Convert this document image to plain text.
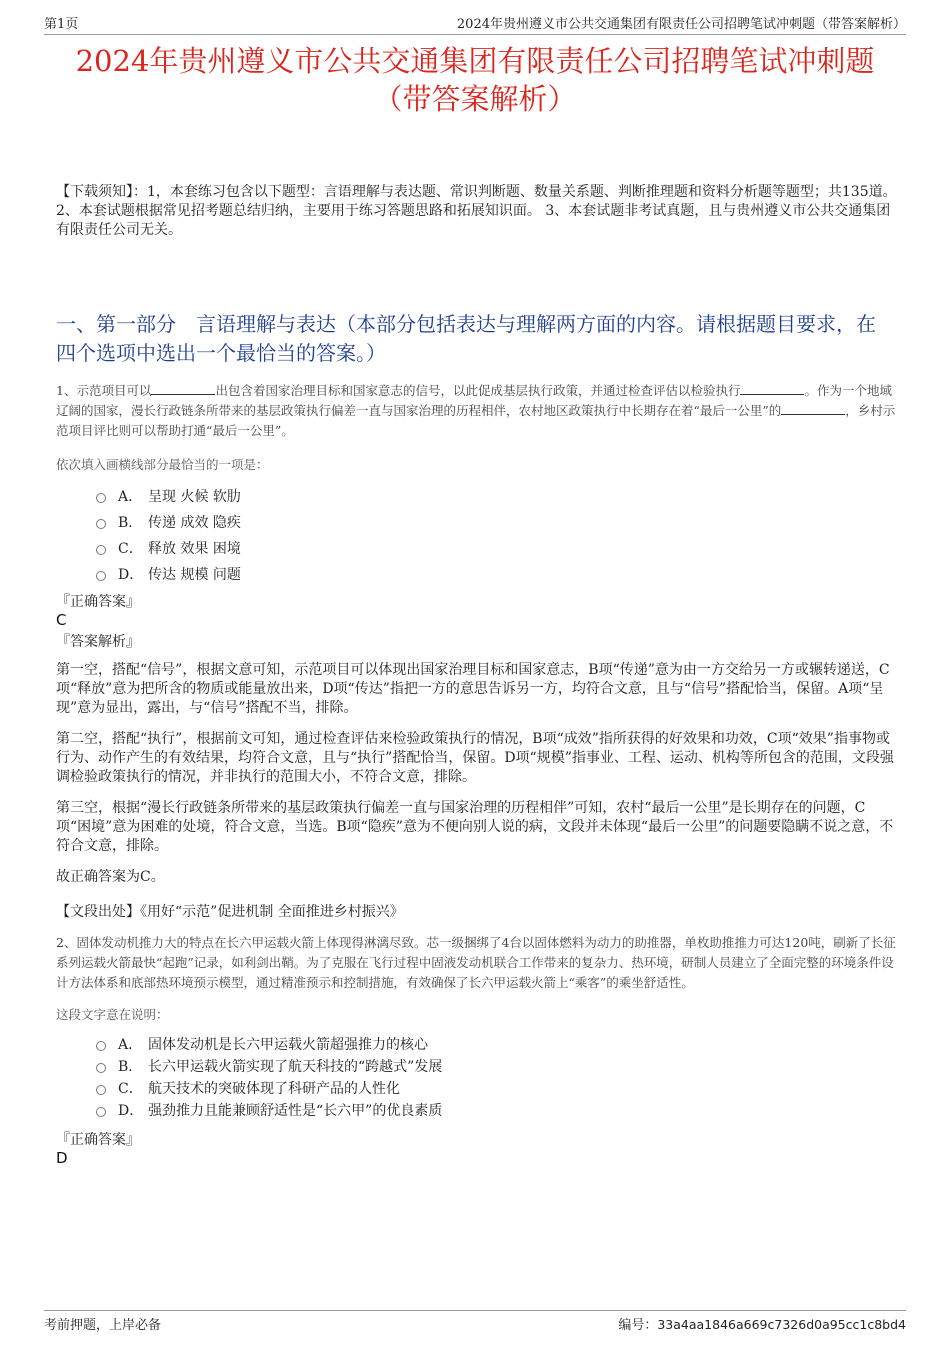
第1页	2024年贵州遵义市公共交通集团有限责任公司招聘笔试冲刺题（带答案解析）
2024年贵州遵义市公共交通集团有限责任公司招聘笔试冲刺题
（带答案解析）
【下载须知】：1，本套练习包含以下题型：言语理解与表达题、常识判断题、数量关系题、判断推理题和资料分析题等题型；共135道。 2、本套试题根据常见招考题总结归纳，主要用于练习答题思路和拓展知识面。 3、本套试题非考试真题，且与贵州遵义市公共交通集团有限责任公司无关。
一、第一部分　言语理解与表达（本部分包括表达与理解两方面的内容。请根据题目要求，在四个选项中选出一个最恰当的答案。）

1、示范项目可以	出包含着国家治理目标和国家意志的信号，以此促成基层执行政策，并通过检查评估以检验执行	。作为一个地域辽阔的国家，漫长行政链条所带来的基层政策执行偏差一直与国家治理的历程相伴，农村地区政策执行中长期存在着“最后一公里”的	，乡村示范项目评比则可以帮助打通“最后一公里”。

依次填入画横线部分最恰当的一项是：

A． 呈现 火候 软肋
B． 传递 成效 隐疾
C． 释放 效果 困境
D． 传达 规模 问题

『正确答案』

C

『答案解析』

第一空，搭配“信号”，根据文意可知，示范项目可以体现出国家治理目标和国家意志，B项“传递”意为由一方交给另一方或辗转递送，C项“释放”意为把所含的物质或能量放出来，D项“传达”指把一方的意思告诉另一方，均符合文意，且与“信号”搭配恰当，保留。A项“呈现”意为显出，露出，与“信号”搭配不当，排除。

第二空，搭配“执行”，根据前文可知，通过检查评估来检验政策执行的情况，B项“成效”指所获得的好效果和功效，C项“效果”指事物或行为、动作产生的有效结果，均符合文意，且与“执行”搭配恰当，保留。D项“规模”指事业、工程、运动、机构等所包含的范围，文段强调检验政策执行的情况，并非执行的范围大小，不符合文意，排除。

第三空，根据“漫长行政链条所带来的基层政策执行偏差一直与国家治理的历程相伴”可知，农村“最后一公里”是长期存在的问题，C项“困境”意为困难的处境，符合文意，当选。B项“隐疾”意为不便向别人说的病，文段并未体现“最后一公里”的问题要隐瞒不说之意，不符合文意，排除。

故正确答案为C。

【文段出处】《用好“示范”促进机制 全面推进乡村振兴》

2、固体发动机推力大的特点在长六甲运载火箭上体现得淋漓尽致。芯一级捆绑了4台以固体燃料为动力的助推器，单枚助推推力可达120吨，刷新了长征系列运载火箭最快“起跑”记录，如利剑出鞘。为了克服在飞行过程中固液发动机联合工作带来的复杂力、热环境，研制人员建立了全面完整的环境条件设计方法体系和底部热环境预示模型，通过精准预示和控制措施，有效确保了长六甲运载火箭上“乘客”的乘坐舒适性。

这段文字意在说明：

A． 固体发动机是长六甲运载火箭超强推力的核心
B． 长六甲运载火箭实现了航天科技的“跨越式”发展
C． 航天技术的突破体现了科研产品的人性化
D． 强劲推力且能兼顾舒适性是“长六甲”的优良素质

『正确答案』

D

考前押题，上岸必备	编号：33a4aa1846a669c7326d0a95cc1c8bd4
